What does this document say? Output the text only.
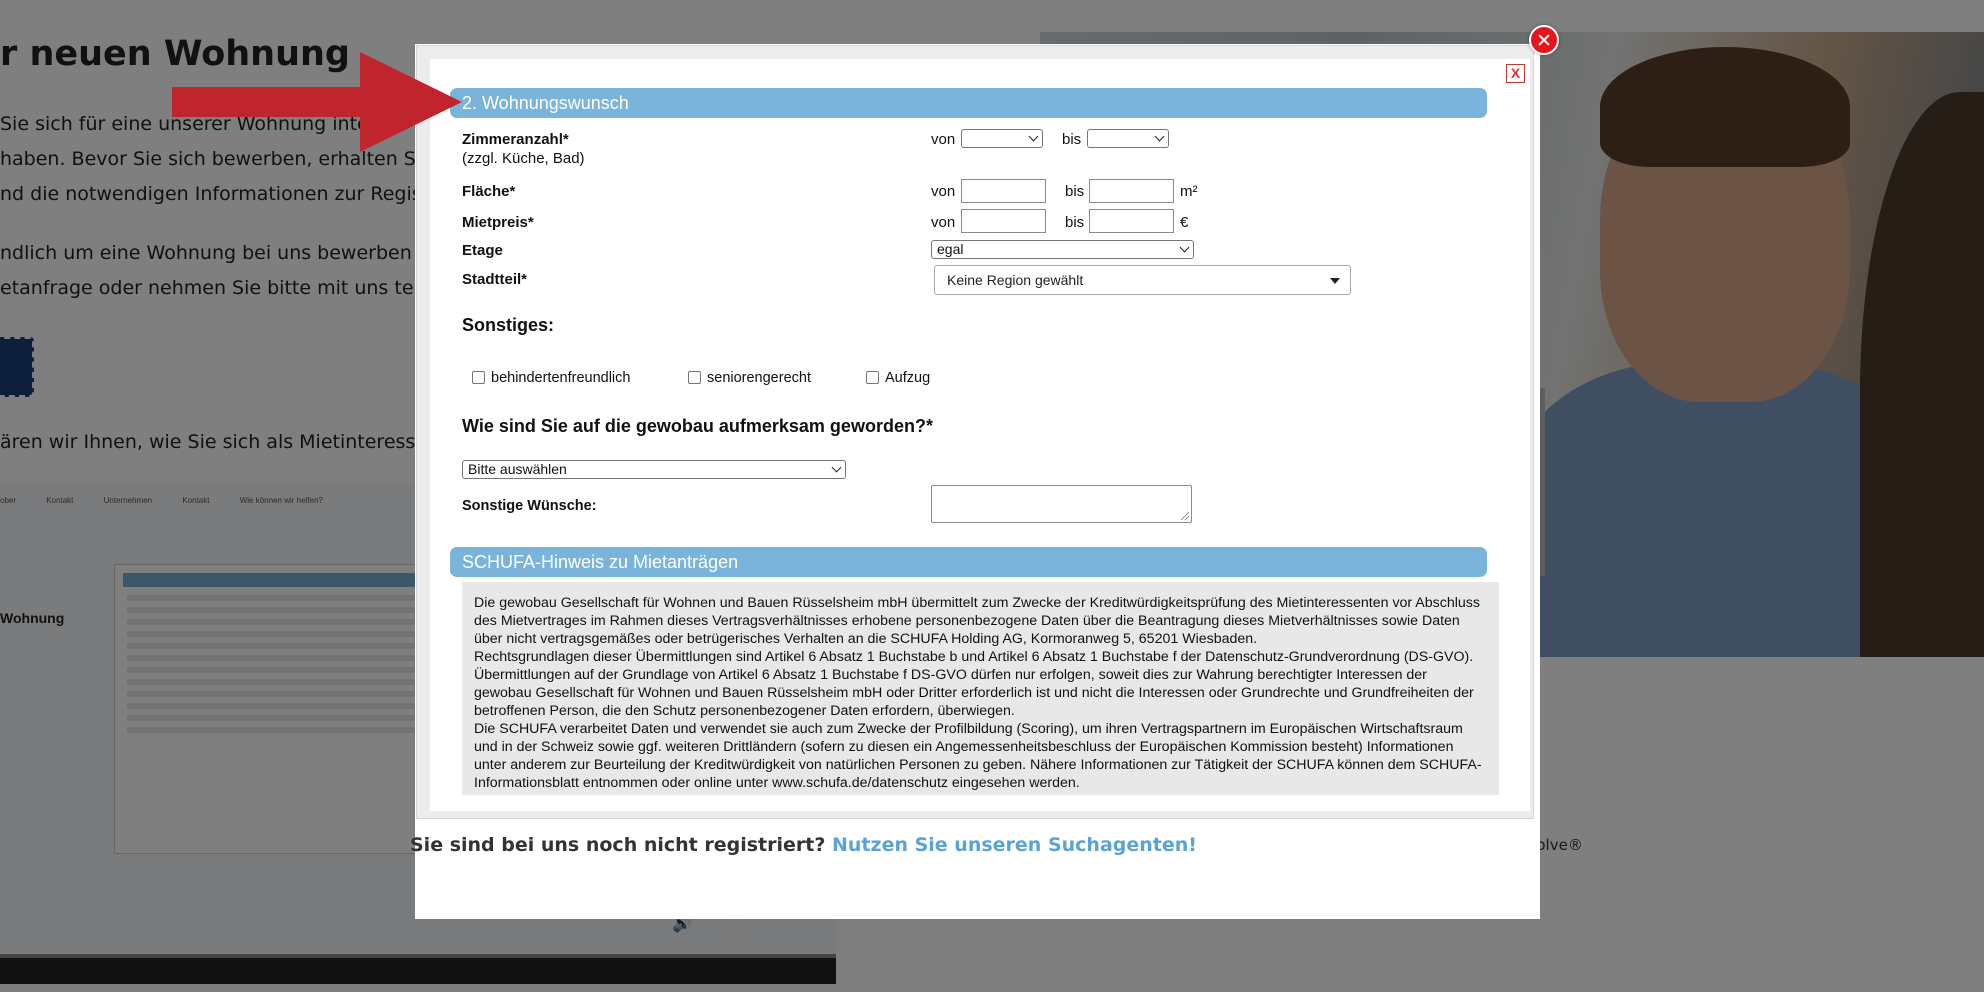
Sie sind bei uns noch nicht registriert? Nutzen Sie unseren Suchagenten!
X
2. Wohnungswunsch
Zimmeranzahl*
(zzgl. Küche, Bad)
von	bis
Fläche*	von	bis	m²
Mietpreis*	von	bis	€
Etage	egal
Stadtteil*	Keine Region gewählt
Sonstiges:
behindertenfreundlich	seniorengerecht	Aufzug
Wie sind Sie auf die gewobau aufmerksam geworden?*
Bitte auswählen
Sonstige Wünsche:
SCHUFA-Hinweis zu Mietanträgen

Die gewobau Gesellschaft für Wohnen und Bauen Rüsselsheim mbH übermittelt zum Zwecke der Kreditwürdigkeitsprüfung des Mietinteressenten vor Abschluss des Mietvertrages im Rahmen dieses Vertragsverhältnisses erhobene personenbezogene Daten über die Beantragung dieses Mietverhältnisses sowie Daten über nicht vertragsgemäßes oder betrügerisches Verhalten an die SCHUFA Holding AG, Kormoranweg 5, 65201 Wiesbaden.

Rechtsgrundlagen dieser Übermittlungen sind Artikel 6 Absatz 1 Buchstabe b und Artikel 6 Absatz 1 Buchstabe f der Datenschutz-Grundverordnung (DS-GVO). Übermittlungen auf der Grundlage von Artikel 6 Absatz 1 Buchstabe f DS-GVO dürfen nur erfolgen, soweit dies zur Wahrung berechtigter Interessen der gewobau Gesellschaft für Wohnen und Bauen Rüsselsheim mbH oder Dritter erforderlich ist und nicht die Interessen oder Grundrechte und Grundfreiheiten der betroffenen Person, die den Schutz personenbezogener Daten erfordern, überwiegen.

Die SCHUFA verarbeitet Daten und verwendet sie auch zum Zwecke der Profilbildung (Scoring), um ihren Vertragspartnern im Europäischen Wirtschaftsraum und in der Schweiz sowie ggf. weiteren Drittländern (sofern zu diesen ein Angemessenheitsbeschluss der Europäischen Kommission besteht) Informationen unter anderem zur Beurteilung der Kreditwürdigkeit von natürlichen Personen zu geben. Nähere Informationen zur Tätigkeit der SCHUFA können dem SCHUFA-Informationsblatt entnommen oder online unter www.schufa.de/datenschutz eingesehen werden.
